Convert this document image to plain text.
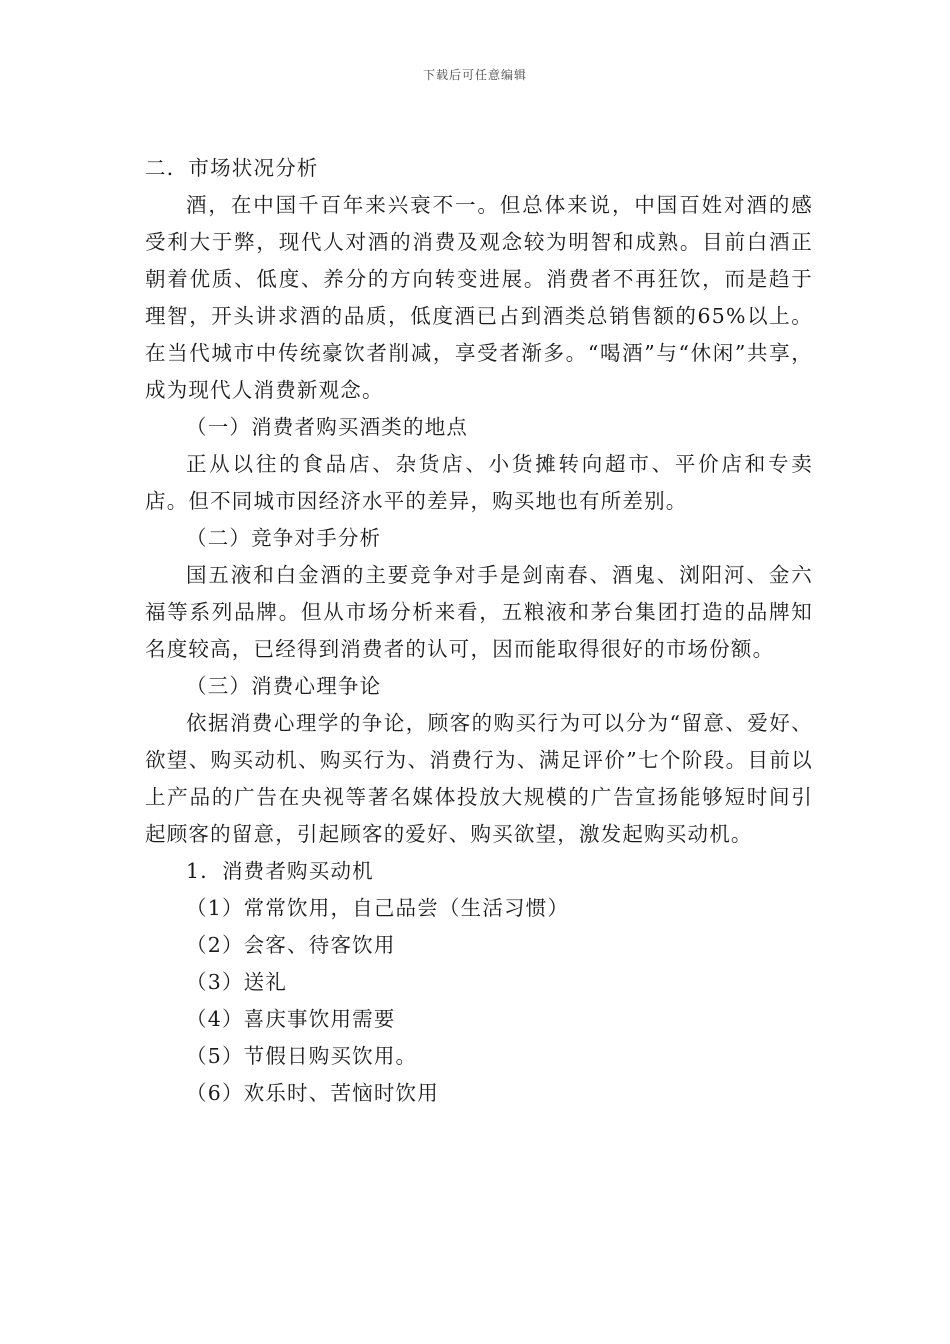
下载后可任意编辑

二．市场状况分析

酒，在中国千百年来兴衰不一。但总体来说，中国百姓对酒的感受利大于弊，现代人对酒的消费及观念较为明智和成熟。目前白酒正朝着优质、低度、养分的方向转变进展。消费者不再狂饮，而是趋于理智，开头讲求酒的品质，低度酒已占到酒类总销售额的65%以上。 在当代城市中传统豪饮者削减，享受者渐多。“喝酒”与“休闲”共享，成为现代人消费新观念。

（一）消费者购买酒类的地点

正从以往的食品店、杂货店、小货摊转向超市、平价店和专卖店。但不同城市因经济水平的差异，购买地也有所差别。

（二）竞争对手分析

国五液和白金酒的主要竞争对手是剑南春、酒鬼、浏阳河、金六福等系列品牌。但从市场分析来看，五粮液和茅台集团打造的品牌知名度较高，已经得到消费者的认可，因而能取得很好的市场份额。

（三）消费心理争论

依据消费心理学的争论，顾客的购买行为可以分为“留意、爱好、欲望、购买动机、购买行为、消费行为、满足评价”七个阶段。目前以上产品的广告在央视等著名媒体投放大规模的广告宣扬能够短时间引起顾客的留意，引起顾客的爱好、购买欲望，激发起购买动机。

1．消费者购买动机

（1）常常饮用，自己品尝（生活习惯）

（2）会客、待客饮用

（3）送礼

（4）喜庆事饮用需要

（5）节假日购买饮用。

（6）欢乐时、苦恼时饮用
